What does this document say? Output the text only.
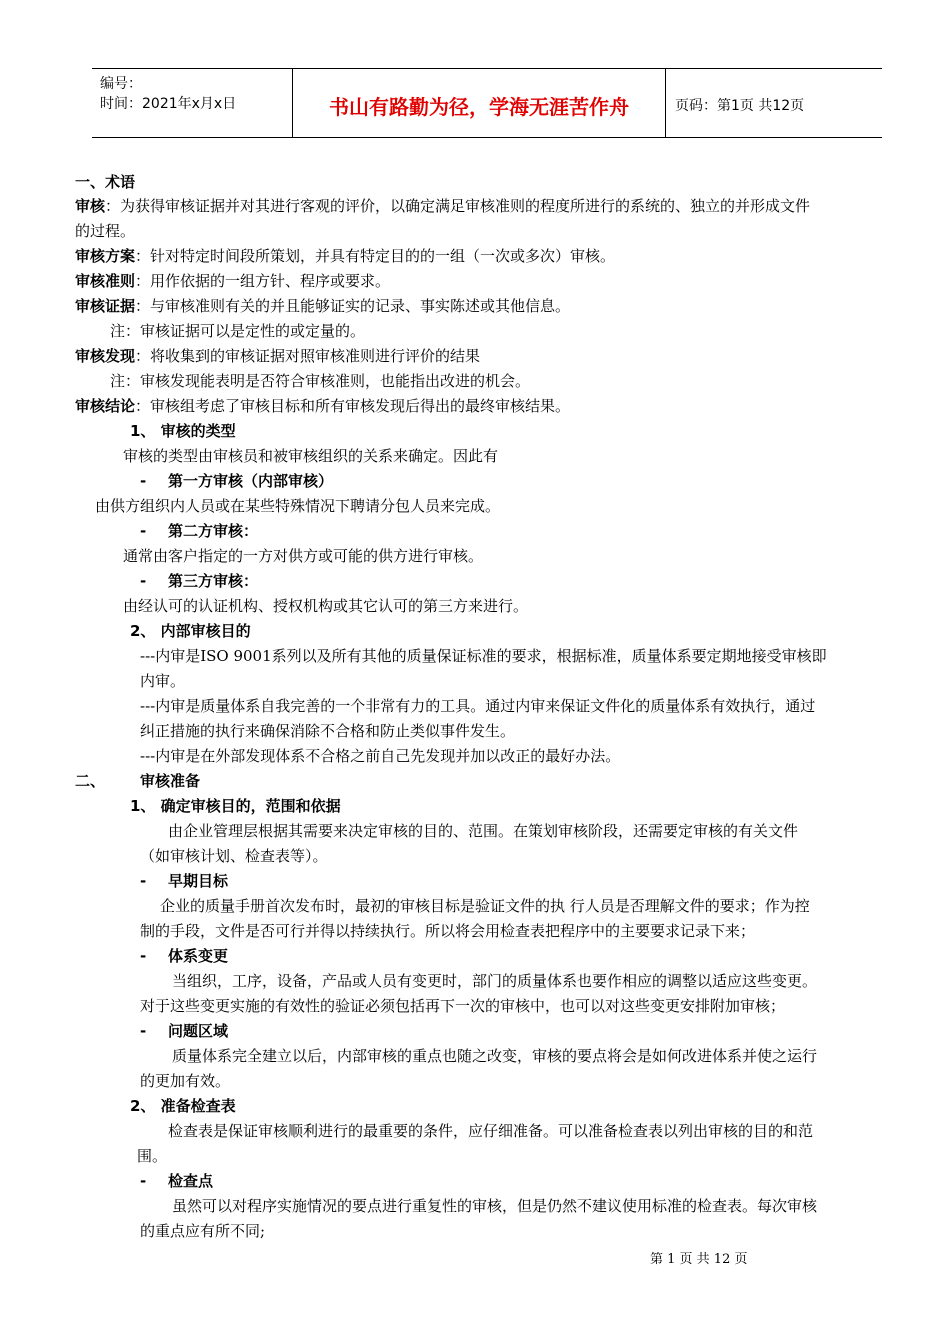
编号：
时间：2021年x月x日	书山有路勤为径，学海无涯苦作舟	页码：第1页 共12页
一、术语
审核：为获得审核证据并对其进行客观的评价，以确定满足审核准则的程度所进行的系统的、独立的并形成文件
的过程。
审核方案：针对特定时间段所策划，并具有特定目的的一组（一次或多次）审核。
审核准则：用作依据的一组方针、程序或要求。
审核证据：与审核准则有关的并且能够证实的记录、事实陈述或其他信息。
注：审核证据可以是定性的或定量的。
审核发现：将收集到的审核证据对照审核准则进行评价的结果
注：审核发现能表明是否符合审核准则，也能指出改进的机会。
审核结论：审核组考虑了审核目标和所有审核发现后得出的最终审核结果。
1、 审核的类型
审核的类型由审核员和被审核组织的关系来确定。因此有
- 第一方审核（内部审核）
由供方组织内人员或在某些特殊情况下聘请分包人员来完成。
- 第二方审核：
通常由客户指定的一方对供方或可能的供方进行审核。
- 第三方审核：
由经认可的认证机构、授权机构或其它认可的第三方来进行。
2、 内部审核目的
---内审是ISO 9001系列以及所有其他的质量保证标准的要求，根据标准，质量体系要定期地接受审核即
内审。
---内审是质量体系自我完善的一个非常有力的工具。通过内审来保证文件化的质量体系有效执行，通过
纠正措施的执行来确保消除不合格和防止类似事件发生。
---内审是在外部发现体系不合格之前自己先发现并加以改正的最好办法。
二、 审核准备
1、 确定审核目的，范围和依据
由企业管理层根据其需要来决定审核的目的、范围。在策划审核阶段，还需要定审核的有关文件
（如审核计划、检查表等）。
- 早期目标
企业的质量手册首次发布时，最初的审核目标是验证文件的执 行人员是否理解文件的要求；作为控
制的手段，文件是否可行并得以持续执行。所以将会用检查表把程序中的主要要求记录下来；
- 体系变更
当组织，工序，设备，产品或人员有变更时，部门的质量体系也要作相应的调整以适应这些变更。
对于这些变更实施的有效性的验证必须包括再下一次的审核中，也可以对这些变更安排附加审核；
- 问题区域
质量体系完全建立以后，内部审核的重点也随之改变，审核的要点将会是如何改进体系并使之运行
的更加有效。
2、 准备检查表
检查表是保证审核顺利进行的最重要的条件，应仔细准备。可以准备检查表以列出审核的目的和范
围。
- 检查点
虽然可以对程序实施情况的要点进行重复性的审核，但是仍然不建议使用标准的检查表。每次审核
的重点应有所不同;
第 1 页 共 12 页
